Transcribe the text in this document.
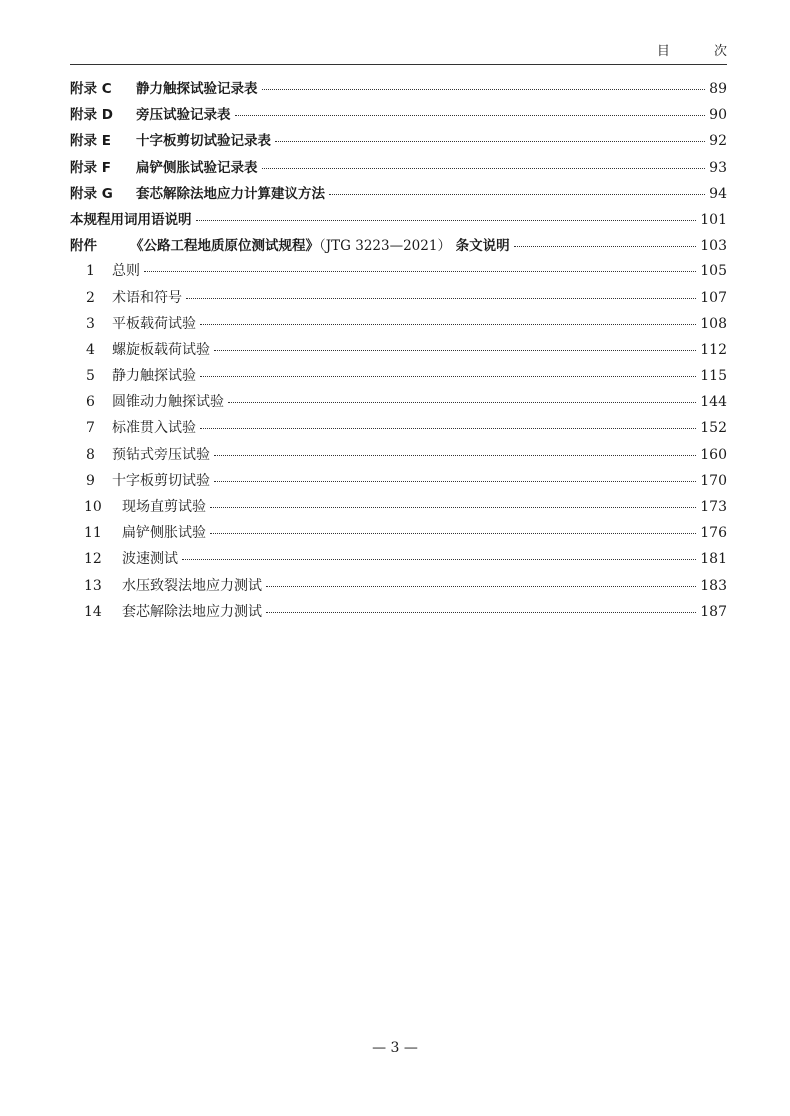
目 次
附录 C	静力触探试验记录表	89
附录 D	旁压试验记录表	90
附录 E	十字板剪切试验记录表	92
附录 F	扁铲侧胀试验记录表	93
附录 G	套芯解除法地应力计算建议方法	94
本规程用词用语说明	101
附件	《公路工程地质原位测试规程》（JTG 3223—2021） 条文说明	103
1	总则	105
2	术语和符号	107
3	平板载荷试验	108
4	螺旋板载荷试验	112
5	静力触探试验	115
6	圆锥动力触探试验	144
7	标准贯入试验	152
8	预钻式旁压试验	160
9	十字板剪切试验	170
10	现场直剪试验	173
11	扁铲侧胀试验	176
12	波速测试	181
13	水压致裂法地应力测试	183
14	套芯解除法地应力测试	187
— 3 —
